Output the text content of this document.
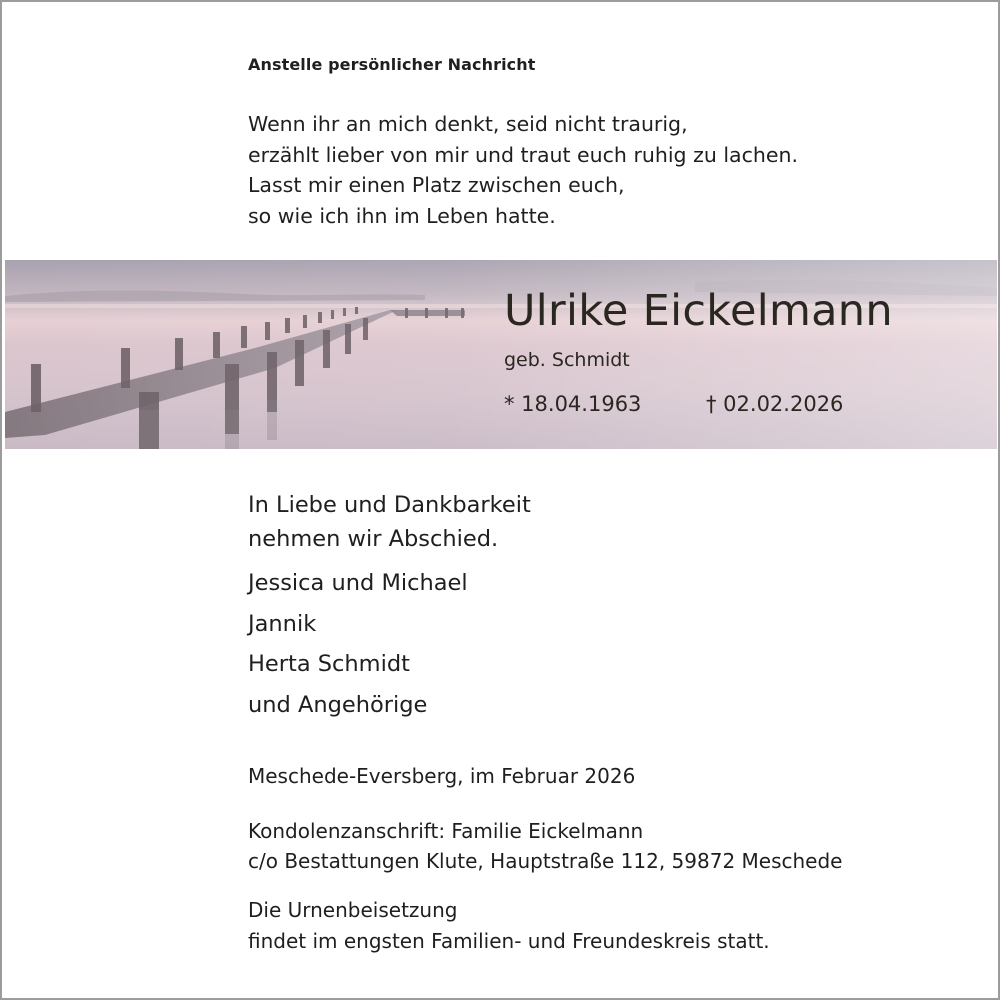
Anstelle persönlicher Nachricht
Wenn ihr an mich denkt, seid nicht traurig,
erzählt lieber von mir und traut euch ruhig zu lachen.
Lasst mir einen Platz zwischen euch,
so wie ich ihn im Leben hatte.
Ulrike Eickelmann
geb. Schmidt
* 18.04.1963	† 02.02.2026
In Liebe und Dankbarkeit
nehmen wir Abschied.
Jessica und Michael
Jannik
Herta Schmidt
und Angehörige
Meschede-Eversberg, im Februar 2026
Kondolenzanschrift: Familie Eickelmann
c/o Bestattungen Klute, Hauptstraße 112, 59872 Meschede
Die Urnenbeisetzung
findet im engsten Familien- und Freundeskreis statt.
